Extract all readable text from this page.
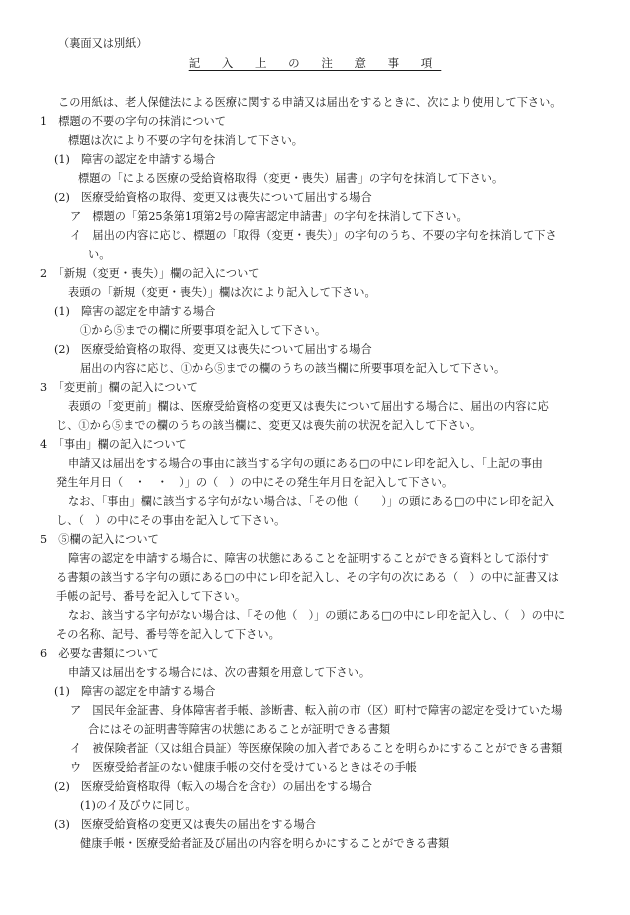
（裏面又は別紙）
記 入 上 の 注 意 事 項
この用紙は、老人保健法による医療に関する申請又は届出をするときに、次により使用して下さい。
1　標題の不要の字句の抹消について
標題は次により不要の字句を抹消して下さい。
(1)　障害の認定を申請する場合
標題の「による医療の受給資格取得（変更・喪失）届書」の字句を抹消して下さい。
(2)　医療受給資格の取得、変更又は喪失について届出する場合
ア　標題の「第25条第1項第2号の障害認定申請書」の字句を抹消して下さい。
イ　届出の内容に応じ、標題の「取得（変更・喪失）」の字句のうち、不要の字句を抹消して下さ
い。
2　「新規（変更・喪失）」欄の記入について
表頭の「新規（変更・喪失）」欄は次により記入して下さい。
(1)　障害の認定を申請する場合
①から⑤までの欄に所要事項を記入して下さい。
(2)　医療受給資格の取得、変更又は喪失について届出する場合
届出の内容に応じ、①から⑤までの欄のうちの該当欄に所要事項を記入して下さい。
3　「変更前」欄の記入について
表頭の「変更前」欄は、医療受給資格の変更又は喪失について届出する場合に、届出の内容に応
じ、①から⑤までの欄のうちの該当欄に、変更又は喪失前の状況を記入して下さい。
4　「事由」欄の記入について
申請又は届出をする場合の事由に該当する字句の頭にある□の中にレ印を記入し、「上記の事由
発生年月日（　・　・　）」の（　）の中にその発生年月日を記入して下さい。
なお、「事由」欄に該当する字句がない場合は、「その他（　　）」の頭にある□の中にレ印を記入
し、（　）の中にその事由を記入して下さい。
5　⑤欄の記入について
障害の認定を申請する場合に、障害の状態にあることを証明することができる資料として添付す
る書類の該当する字句の頭にある□の中にレ印を記入し、その字句の次にある（　）の中に証書又は
手帳の記号、番号を記入して下さい。
なお、該当する字句がない場合は、「その他（　）」の頭にある□の中にレ印を記入し、（　）の中に
その名称、記号、番号等を記入して下さい。
6　必要な書類について
申請又は届出をする場合には、次の書類を用意して下さい。
(1)　障害の認定を申請する場合
ア　国民年金証書、身体障害者手帳、診断書、転入前の市（区）町村で障害の認定を受けていた場
合にはその証明書等障害の状態にあることが証明できる書類
イ　被保険者証（又は組合員証）等医療保険の加入者であることを明らかにすることができる書類
ウ　医療受給者証のない健康手帳の交付を受けているときはその手帳
(2)　医療受給資格取得（転入の場合を含む）の届出をする場合
(1)のイ及びウに同じ。
(3)　医療受給資格の変更又は喪失の届出をする場合
健康手帳・医療受給者証及び届出の内容を明らかにすることができる書類
